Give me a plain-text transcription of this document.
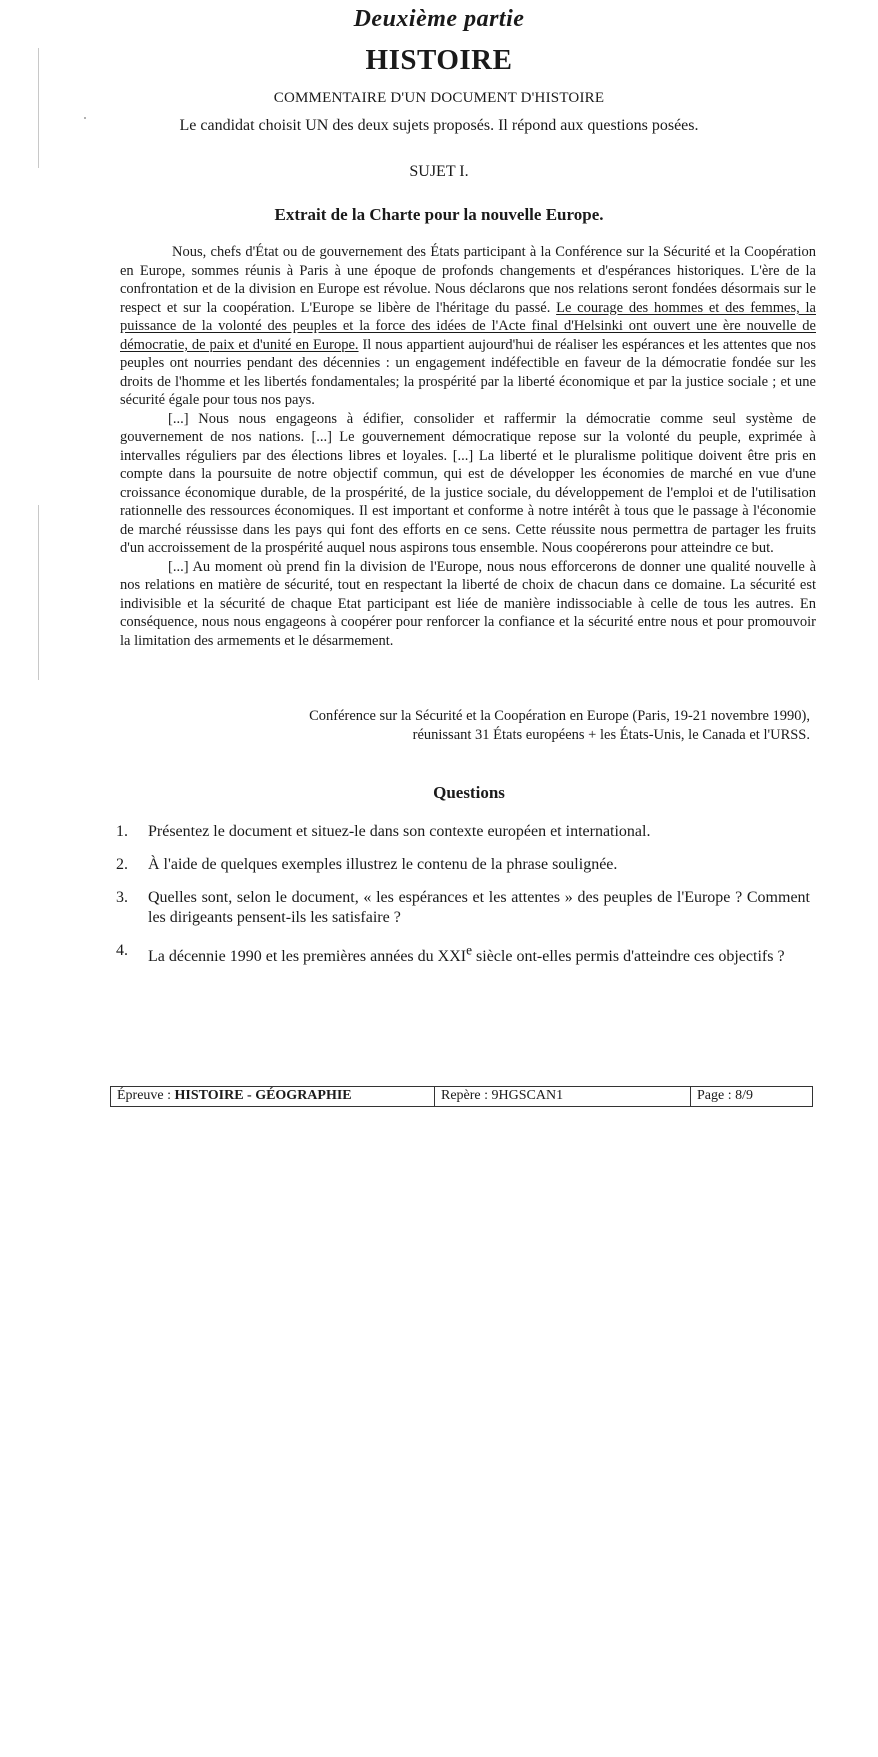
Deuxième partie
HISTOIRE
COMMENTAIRE D'UN DOCUMENT D'HISTOIRE
Le candidat choisit UN des deux sujets proposés. Il répond aux questions posées.
SUJET I.
Extrait de la Charte pour la nouvelle Europe.

Nous, chefs d'État ou de gouvernement des États participant à la Conférence sur la Sécurité et la Coopération en Europe, sommes réunis à Paris à une époque de profonds changements et d'espérances historiques. L'ère de la confrontation et de la division en Europe est révolue. Nous déclarons que nos relations seront fondées désormais sur le respect et sur la coopération. L'Europe se libère de l'héritage du passé. Le courage des hommes et des femmes, la puissance de la volonté des peuples et la force des idées de l'Acte final d'Helsinki ont ouvert une ère nouvelle de démocratie, de paix et d'unité en Europe. Il nous appartient aujourd'hui de réaliser les espérances et les attentes que nos peuples ont nourries pendant des décennies : un engagement indéfectible en faveur de la démocratie fondée sur les droits de l'homme et les libertés fondamentales; la prospérité par la liberté économique et par la justice sociale ; et une sécurité égale pour tous nos pays.

[...] Nous nous engageons à édifier, consolider et raffermir la démocratie comme seul système de gouvernement de nos nations. [...] Le gouvernement démocratique repose sur la volonté du peuple, exprimée à intervalles réguliers par des élections libres et loyales. [...] La liberté et le pluralisme politique doivent être pris en compte dans la poursuite de notre objectif commun, qui est de développer les économies de marché en vue d'une croissance économique durable, de la prospérité, de la justice sociale, du développement de l'emploi et de l'utilisation rationnelle des ressources économiques. Il est important et conforme à notre intérêt à tous que le passage à l'économie de marché réussisse dans les pays qui font des efforts en ce sens. Cette réussite nous permettra de partager les fruits d'un accroissement de la prospérité auquel nous aspirons tous ensemble. Nous coopérerons pour atteindre ce but.

[...] Au moment où prend fin la division de l'Europe, nous nous efforcerons de donner une qualité nouvelle à nos relations en matière de sécurité, tout en respectant la liberté de choix de chacun dans ce domaine. La sécurité est indivisible et la sécurité de chaque Etat participant est liée de manière indissociable à celle de tous les autres. En conséquence, nous nous engageons à coopérer pour renforcer la confiance et la sécurité entre nous et pour promouvoir la limitation des armements et le désarmement.

Conférence sur la Sécurité et la Coopération en Europe (Paris, 19-21 novembre 1990),
réunissant 31 États européens + les États-Unis, le Canada et l'URSS.
Questions
1. Présentez le document et situez-le dans son contexte européen et international.
2. À l'aide de quelques exemples illustrez le contenu de la phrase soulignée.
3. Quelles sont, selon le document, « les espérances et les attentes » des peuples de l'Europe ? Comment les dirigeants pensent-ils les satisfaire ?
4. La décennie 1990 et les premières années du XXIe siècle ont-elles permis d'atteindre ces objectifs ?
Épreuve : HISTOIRE - GÉOGRAPHIE	Repère : 9HGSCAN1	Page : 8/9
